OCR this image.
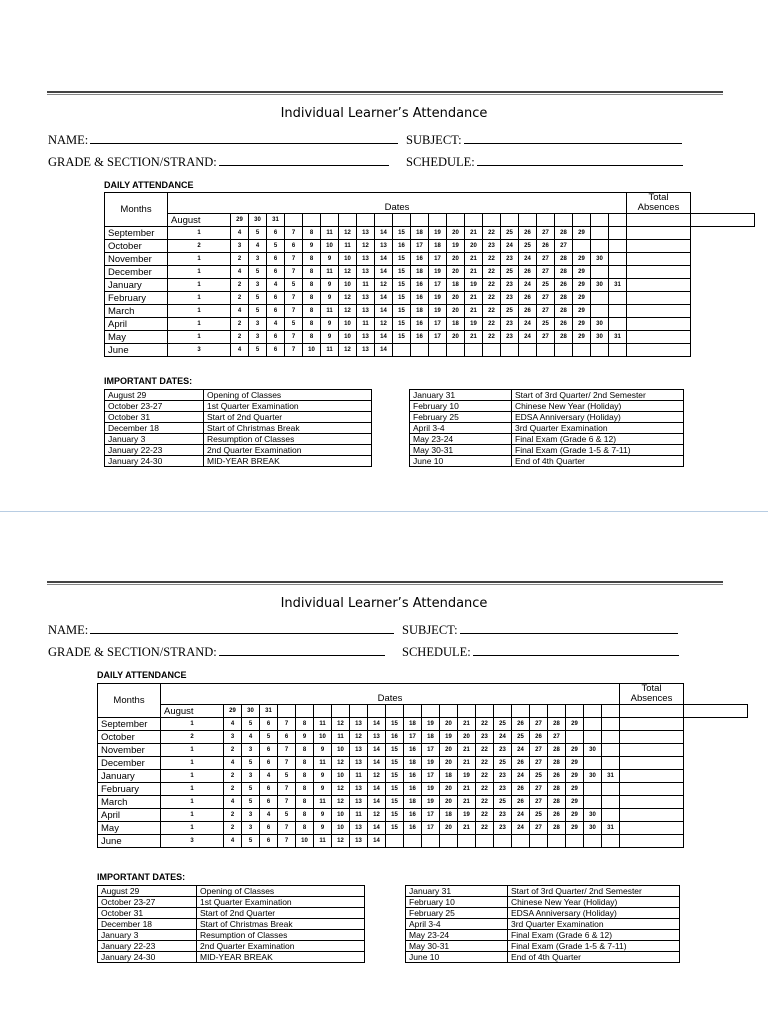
Individual Learner’s Attendance
NAME:	SUBJECT:
GRADE & SECTION/STRAND:	SCHEDULE:
DAILY ATTENDANCE
Months	Dates																							Total
Absences	

	August	29	30	31																					
September	1	4	5	6	7	8	11	12	13	14	15	18	19	20	21	22	25	26	27	28	29				
October	2	3	4	5	6	9	10	11	12	13	16	17	18	19	20	23	24	25	26	27					
November	1	2	3	6	7	8	9	10	13	14	15	16	17	20	21	22	23	24	27	28	29	30			
December	1	4	5	6	7	8	11	12	13	14	15	18	19	20	21	22	25	26	27	28	29				
January	1	2	3	4	5	8	9	10	11	12	15	16	17	18	19	22	23	24	25	26	29	30	31		
February	1	2	5	6	7	8	9	12	13	14	15	16	19	20	21	22	23	26	27	28	29				
March	1	4	5	6	7	8	11	12	13	14	15	18	19	20	21	22	25	26	27	28	29				
April	1	2	3	4	5	8	9	10	11	12	15	16	17	18	19	22	23	24	25	26	29	30			
May	1	2	3	6	7	8	9	10	13	14	15	16	17	20	21	22	23	24	27	28	29	30	31		
June	3	4	5	6	7	10	11	12	13	14															
IMPORTANT DATES:
August 29	Opening of Classes
October 23-27	1st Quarter Examination
October 31	Start of 2nd Quarter
December 18	Start of Christmas Break
January 3	Resumption of Classes
January 22-23	2nd Quarter Examination
January 24-30	MID-YEAR BREAK
January 31	Start of 3rd Quarter/ 2nd Semester
February 10	Chinese New Year (Holiday)
February 25	EDSA Anniversary (Holiday)
April 3-4	3rd Quarter Examination
May 23-24	Final Exam (Grade 6 & 12)
May 30-31	Final Exam (Grade 1-5 & 7-11)
June 10	End of 4th Quarter
Individual Learner’s Attendance
NAME:	SUBJECT:
GRADE & SECTION/STRAND:	SCHEDULE:
DAILY ATTENDANCE
Months	Dates																							Total
Absences	

	August	29	30	31																					
September	1	4	5	6	7	8	11	12	13	14	15	18	19	20	21	22	25	26	27	28	29				
October	2	3	4	5	6	9	10	11	12	13	16	17	18	19	20	23	24	25	26	27					
November	1	2	3	6	7	8	9	10	13	14	15	16	17	20	21	22	23	24	27	28	29	30			
December	1	4	5	6	7	8	11	12	13	14	15	18	19	20	21	22	25	26	27	28	29				
January	1	2	3	4	5	8	9	10	11	12	15	16	17	18	19	22	23	24	25	26	29	30	31		
February	1	2	5	6	7	8	9	12	13	14	15	16	19	20	21	22	23	26	27	28	29				
March	1	4	5	6	7	8	11	12	13	14	15	18	19	20	21	22	25	26	27	28	29				
April	1	2	3	4	5	8	9	10	11	12	15	16	17	18	19	22	23	24	25	26	29	30			
May	1	2	3	6	7	8	9	10	13	14	15	16	17	20	21	22	23	24	27	28	29	30	31		
June	3	4	5	6	7	10	11	12	13	14															
IMPORTANT DATES:
August 29	Opening of Classes
October 23-27	1st Quarter Examination
October 31	Start of 2nd Quarter
December 18	Start of Christmas Break
January 3	Resumption of Classes
January 22-23	2nd Quarter Examination
January 24-30	MID-YEAR BREAK
January 31	Start of 3rd Quarter/ 2nd Semester
February 10	Chinese New Year (Holiday)
February 25	EDSA Anniversary (Holiday)
April 3-4	3rd Quarter Examination
May 23-24	Final Exam (Grade 6 & 12)
May 30-31	Final Exam (Grade 1-5 & 7-11)
June 10	End of 4th Quarter
